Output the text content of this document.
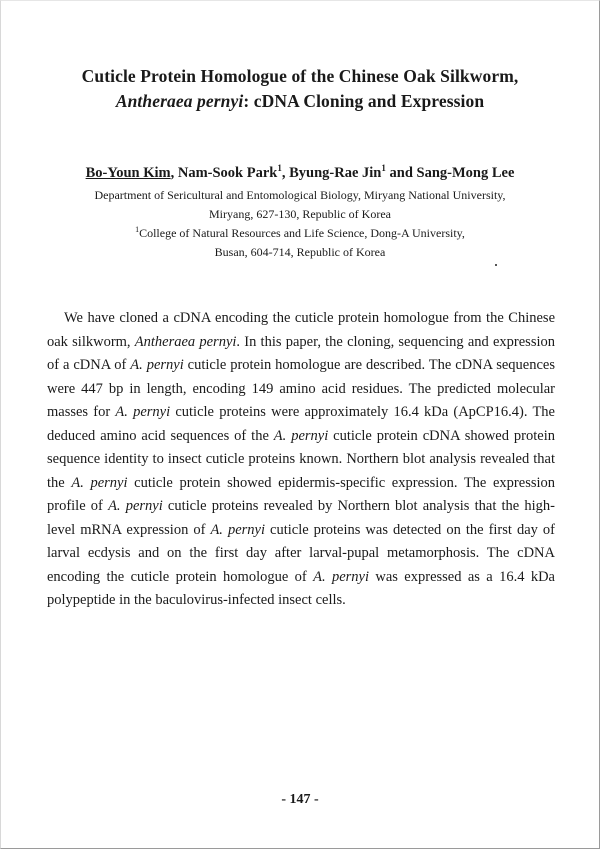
Cuticle Protein Homologue of the Chinese Oak Silkworm,
Antheraea pernyi: cDNA Cloning and Expression
Bo-Youn Kim, Nam-Sook Park$^1$, Byung-Rae Jin$^1$ and Sang-Mong Lee
Department of Sericultural and Entomological Biology, Miryang National University,
Miryang, 627-130, Republic of Korea
$^1$College of Natural Resources and Life Science, Dong-A University,
Busan, 604-714, Republic of Korea

We have cloned a cDNA encoding the cuticle protein homologue from the Chinese oak silkworm, Antheraea pernyi. In this paper, the cloning, sequencing and expression of a cDNA of A. pernyi cuticle protein homologue are described. The cDNA sequences were 447 bp in length, encoding 149 amino acid residues. The predicted molecular masses for A. pernyi cuticle proteins were approximately 16.4 kDa (ApCP16.4). The deduced amino acid sequences of the A. pernyi cuticle protein cDNA showed protein sequence identity to insect cuticle proteins known. Northern blot analysis revealed that the A. pernyi cuticle protein showed epidermis-specific expression. The expression profile of A. pernyi cuticle proteins revealed by Northern blot analysis that the high-level mRNA expression of A. pernyi cuticle proteins was detected on the first day of larval ecdysis and on the first day after larval-pupal metamorphosis. The cDNA encoding the cuticle protein homologue of A. pernyi was expressed as a 16.4 kDa polypeptide in the baculovirus-infected insect cells.

- 147 -
